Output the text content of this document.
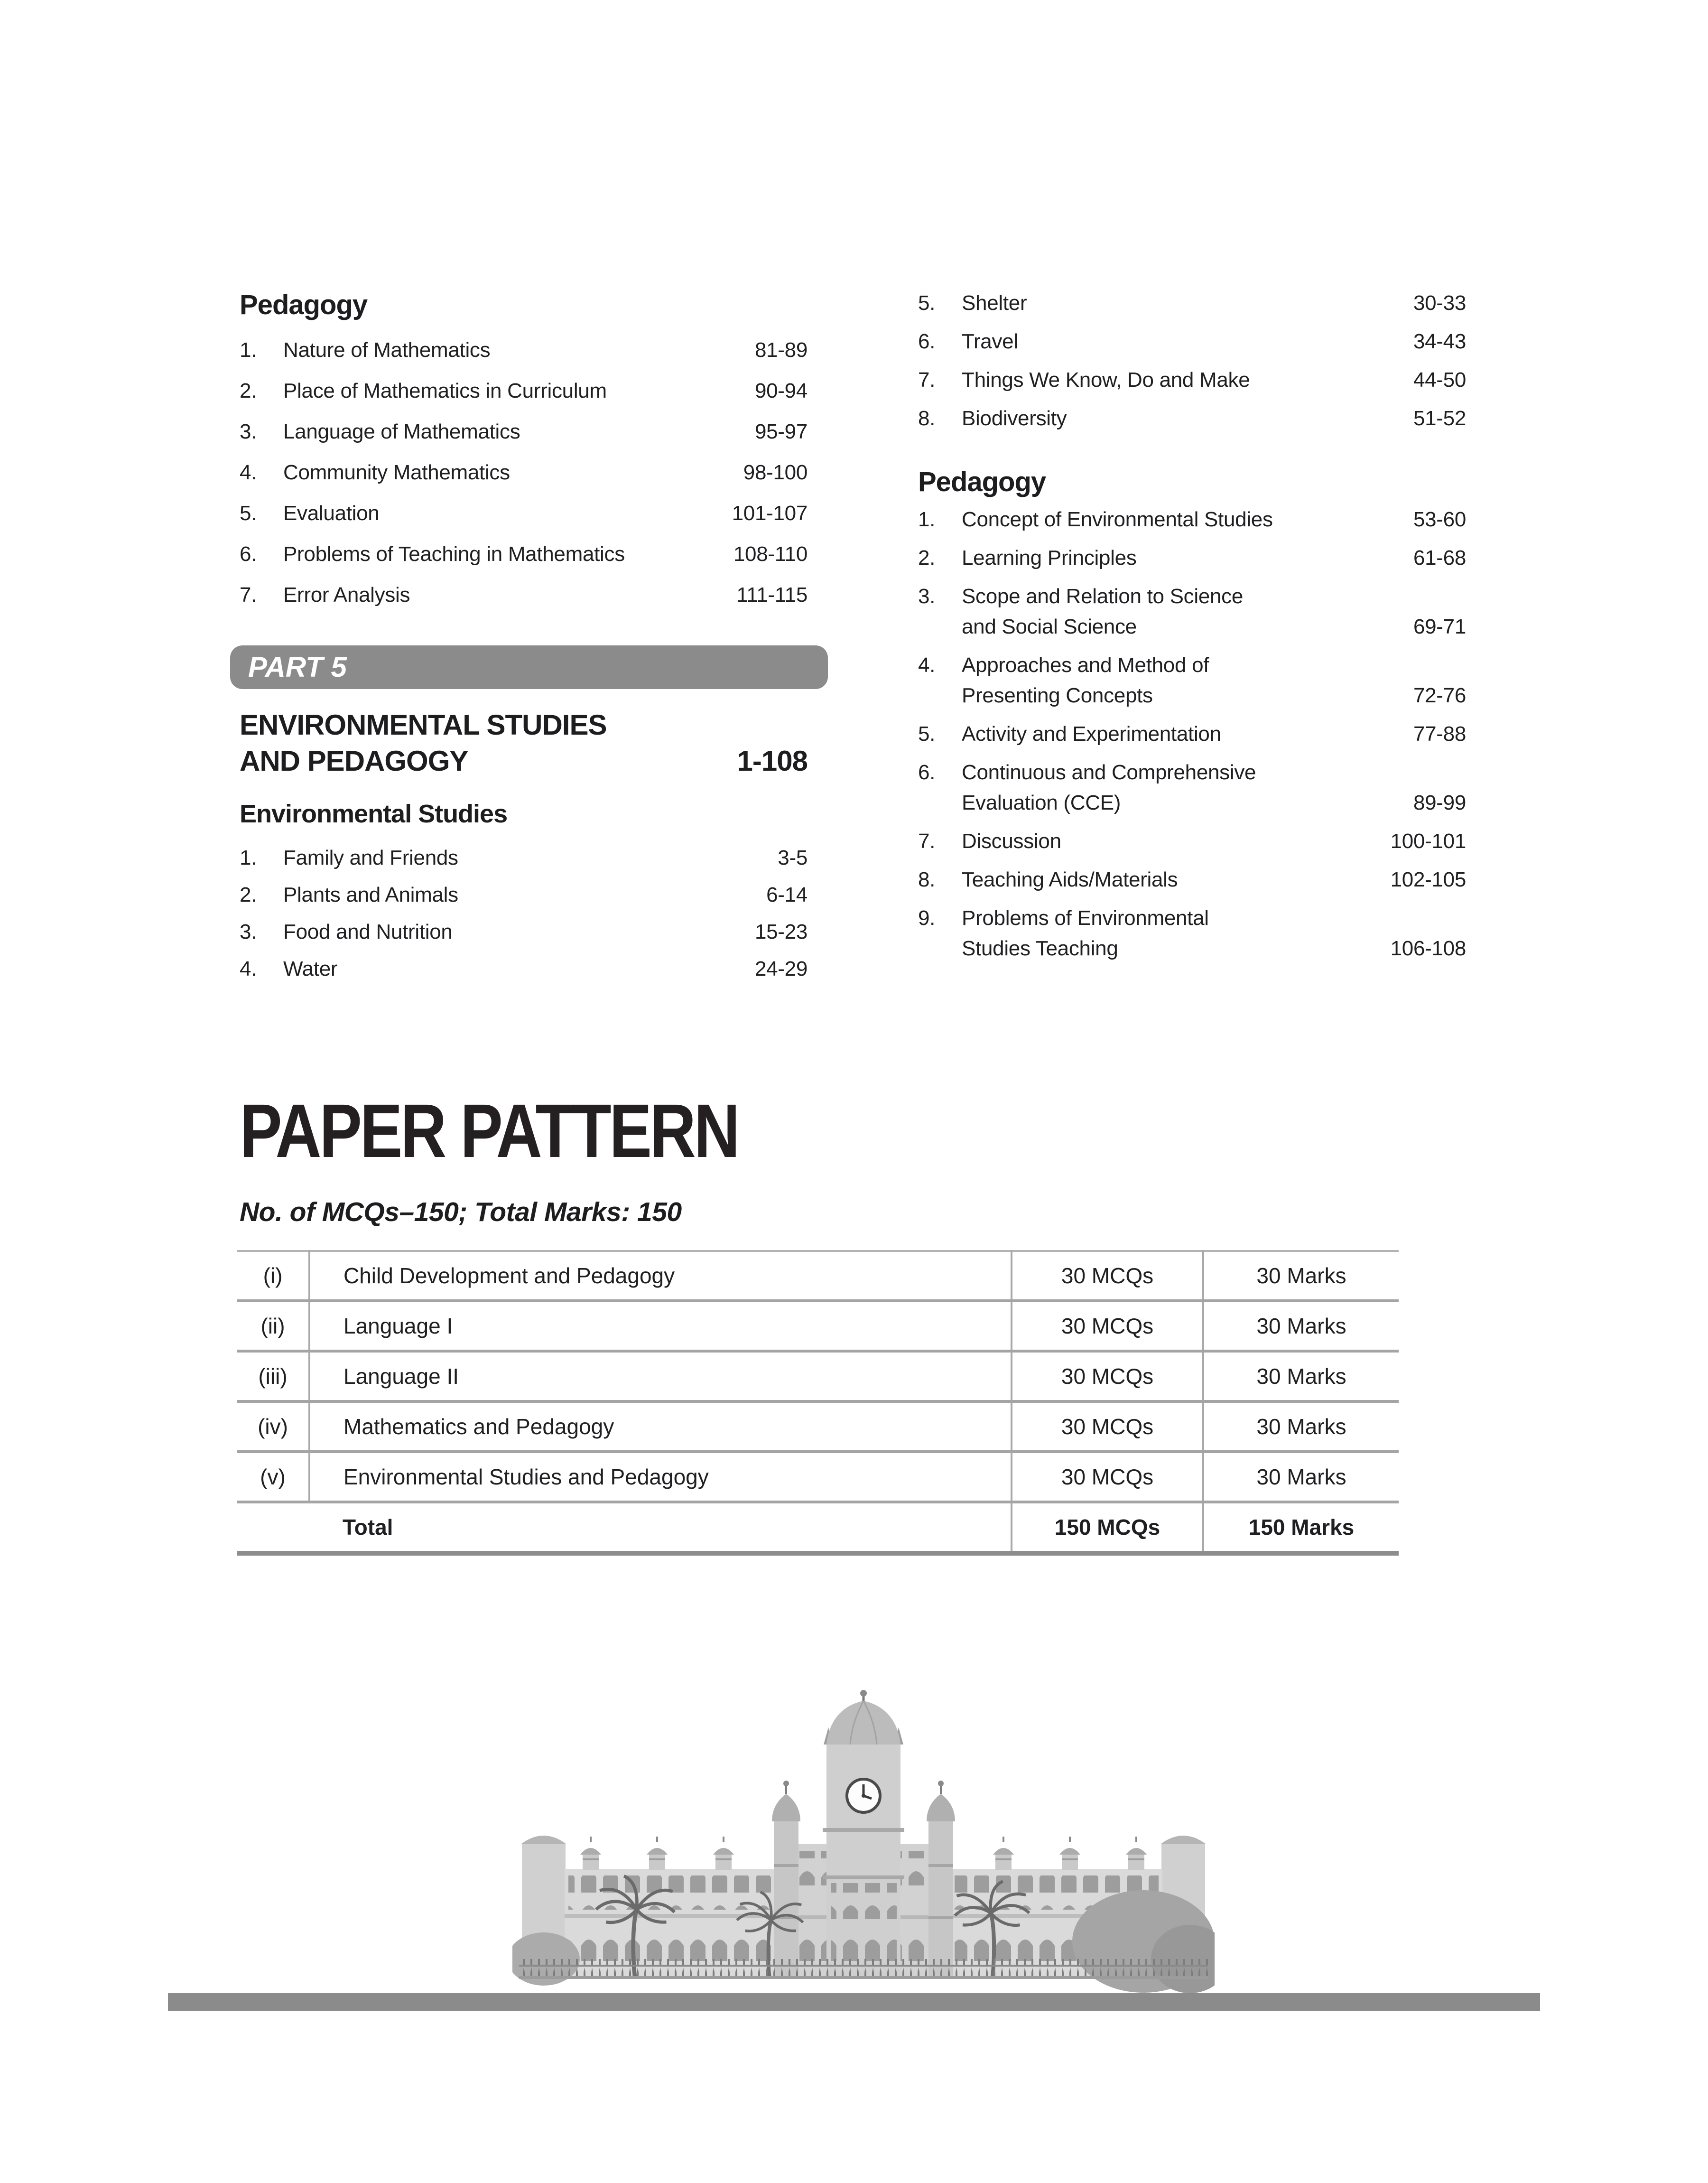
Pedagogy
1.	Nature of Mathematics	81-89
2.	Place of Mathematics in Curriculum	90-94
3.	Language of Mathematics	95-97
4.	Community Mathematics	98-100
5.	Evaluation	101-107
6.	Problems of Teaching in Mathematics	108-110
7.	Error Analysis	111-115
PART 5
ENVIRONMENTAL STUDIES
AND PEDAGOGY	1-108
Environmental Studies
1.	Family and Friends	3-5
2.	Plants and Animals	6-14
3.	Food and Nutrition	15-23
4.	Water	24-29
5.	Shelter	30-33
6.	Travel	34-43
7.	Things We Know, Do and Make	44-50
8.	Biodiversity	51-52
Pedagogy
1.	Concept of Environmental Studies	53-60
2.	Learning Principles	61-68
3.	Scope and Relation to Science
and Social Science	69-71
4.	Approaches and Method of
Presenting Concepts	72-76
5.	Activity and Experimentation	77-88
6.	Continuous and Comprehensive
Evaluation (CCE)	89-99
7.	Discussion	100-101
8.	Teaching Aids/Materials	102-105
9.	Problems of Environmental
Studies Teaching	106-108
PAPER PATTERN
No. of MCQs–150; Total Marks: 150
(i)	Child Development and Pedagogy	30 MCQs	30 Marks
(ii)	Language I	30 MCQs	30 Marks
(iii)	Language II	30 MCQs	30 Marks
(iv)	Mathematics and Pedagogy	30 MCQs	30 Marks
(v)	Environmental Studies and Pedagogy	30 MCQs	30 Marks
	Total	150 MCQs	150 Marks
